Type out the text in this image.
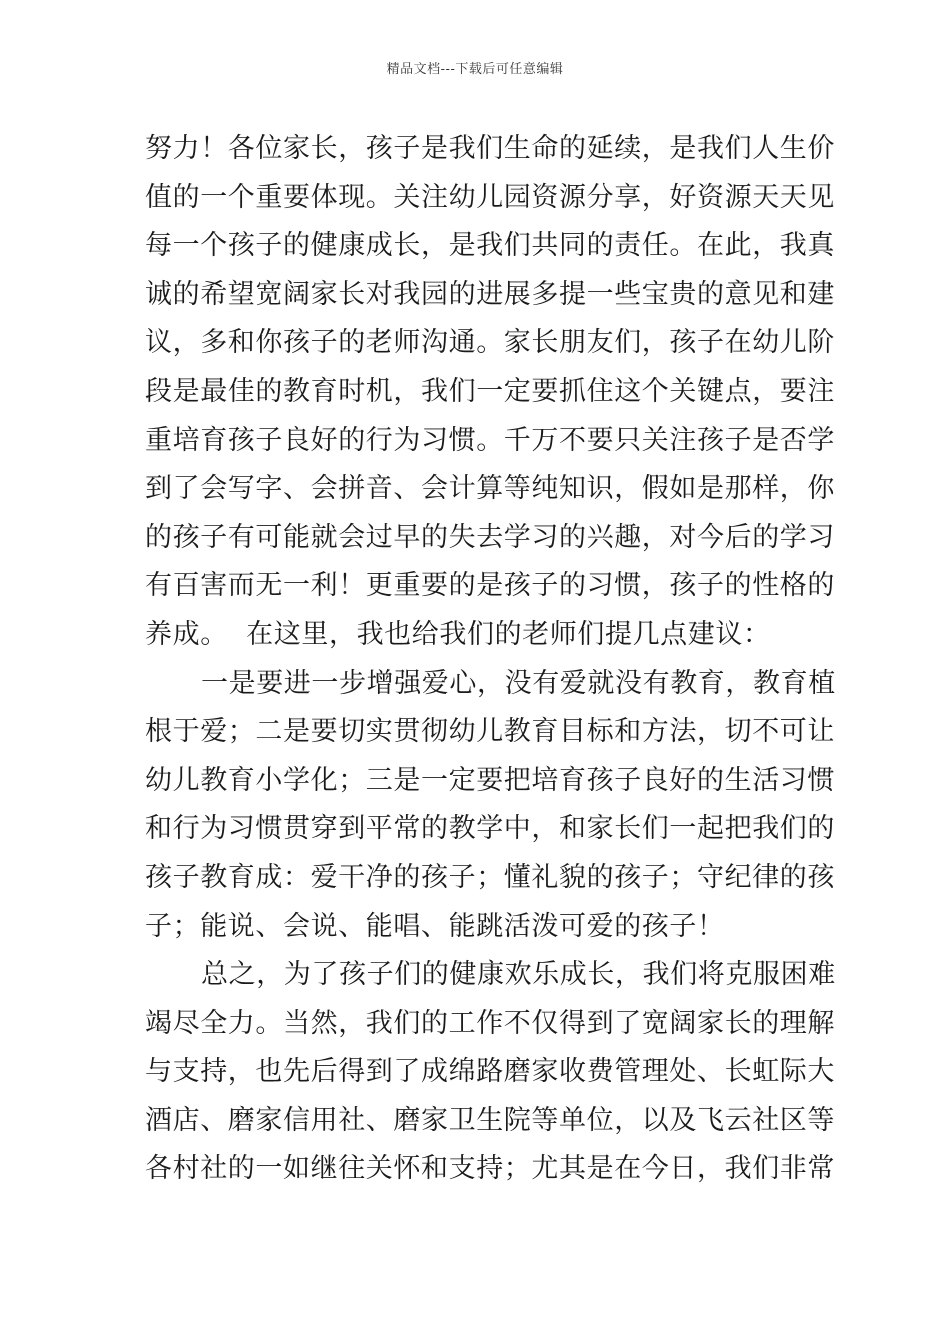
精品文档---下载后可任意编辑
努力！各位家长，孩子是我们生命的延续，是我们人生价
值的一个重要体现。关注幼儿园资源分享，好资源天天见
每一个孩子的健康成长，是我们共同的责任。在此，我真
诚的希望宽阔家长对我园的进展多提一些宝贵的意见和建
议，多和你孩子的老师沟通。家长朋友们，孩子在幼儿阶
段是最佳的教育时机，我们一定要抓住这个关键点，要注
重培育孩子良好的行为习惯。千万不要只关注孩子是否学
到了会写字、会拼音、会计算等纯知识，假如是那样，你
的孩子有可能就会过早的失去学习的兴趣，对今后的学习
有百害而无一利！更重要的是孩子的习惯，孩子的性格的
养成。  在这里，我也给我们的老师们提几点建议：
一是要进一步增强爱心，没有爱就没有教育，教育植
根于爱；二是要切实贯彻幼儿教育目标和方法，切不可让
幼儿教育小学化；三是一定要把培育孩子良好的生活习惯
和行为习惯贯穿到平常的教学中，和家长们一起把我们的
孩子教育成：爱干净的孩子；懂礼貌的孩子；守纪律的孩
子；能说、会说、能唱、能跳活泼可爱的孩子！
总之，为了孩子们的健康欢乐成长，我们将克服困难
竭尽全力。当然，我们的工作不仅得到了宽阔家长的理解
与支持，也先后得到了成绵路磨家收费管理处、长虹际大
酒店、磨家信用社、磨家卫生院等单位，以及飞云社区等
各村社的一如继往关怀和支持；尤其是在今日，我们非常
